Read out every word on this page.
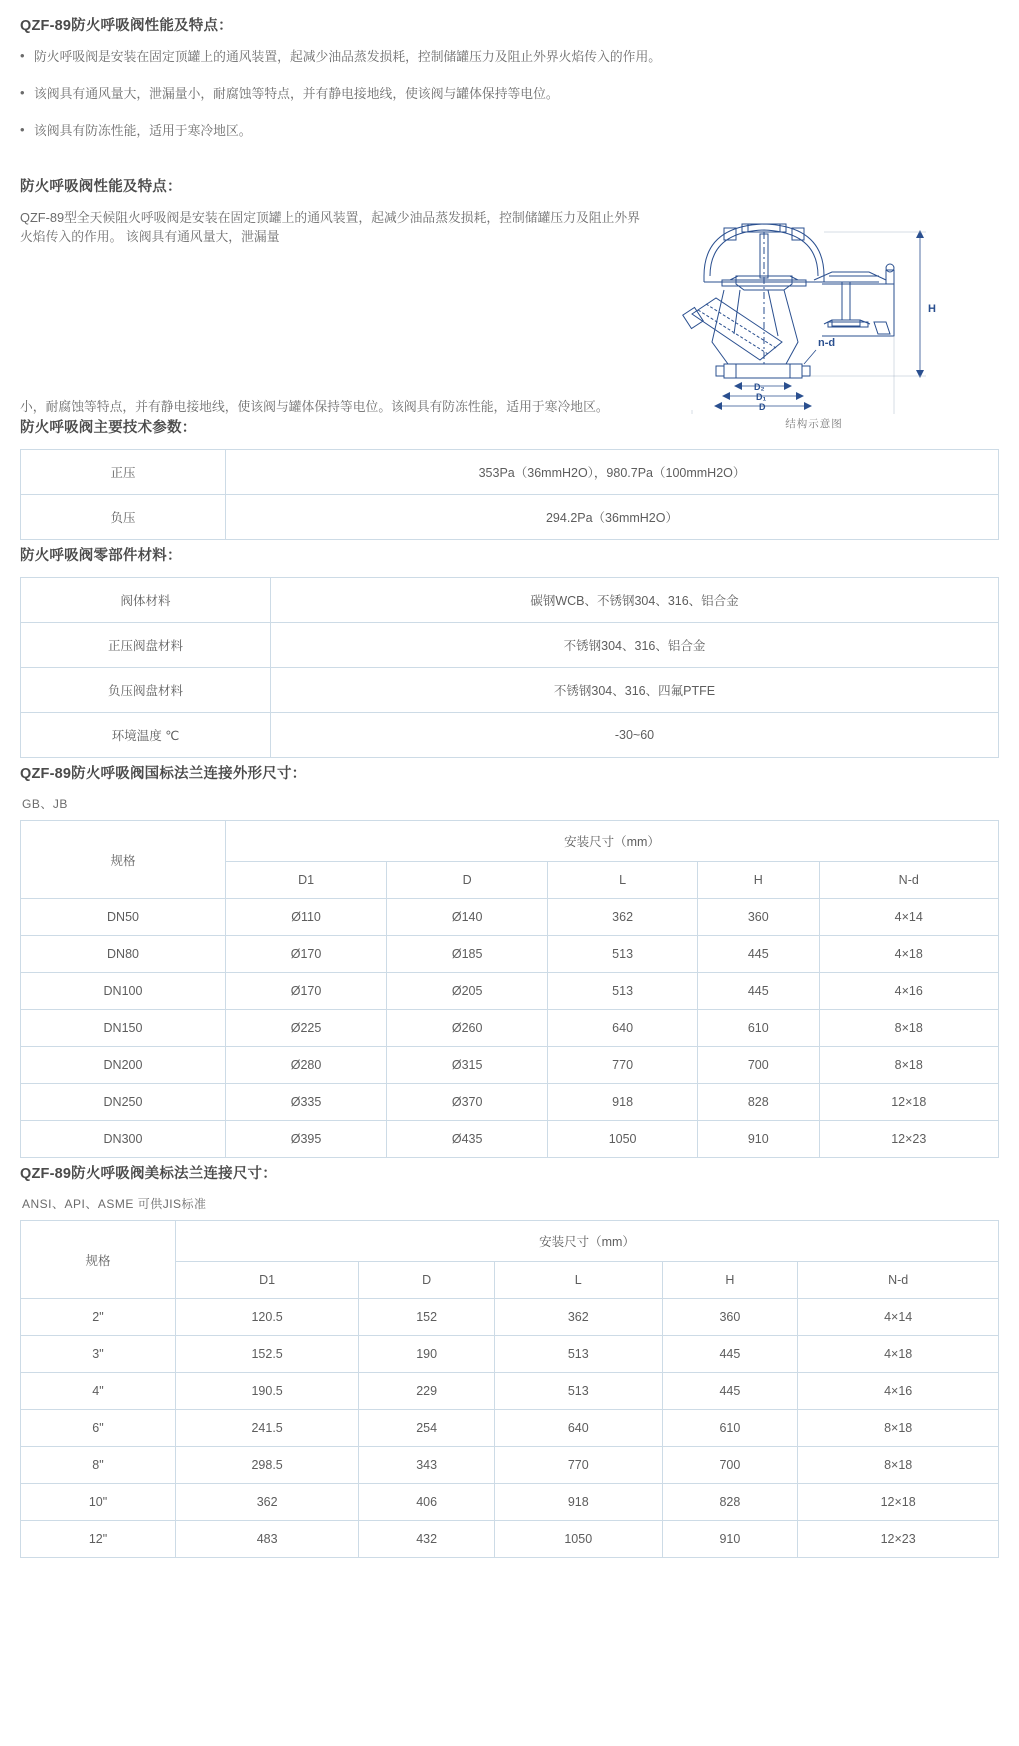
QZF-89防火呼吸阀性能及特点：
• 防火呼吸阀是安装在固定顶罐上的通风装置，起减少油品蒸发损耗，控制储罐压力及阻止外界火焰传入的作用。
• 该阀具有通风量大，泄漏量小，耐腐蚀等特点，并有静电接地线，使该阀与罐体保持等电位。
• 该阀具有防冻性能，适用于寒冷地区。
防火呼吸阀性能及特点：
H
n-d
D₂
D₁
D
结构示意图

QZF-89型全天候阻火呼吸阀是安装在固定顶罐上的通风装置，起减少油品蒸发损耗，控制储罐压力及阻止外界火焰传入的作用。 该阀具有通风量大，泄漏量

小，耐腐蚀等特点，并有静电接地线，使该阀与罐体保持等电位。该阀具有防冻性能，适用于寒冷地区。

防火呼吸阀主要技术参数：
正压	353Pa（36mmH2O），980.7Pa（100mmH2O）
负压	294.2Pa（36mmH2O）
防火呼吸阀零部件材料：
阀体材料	碳钢WCB、不锈钢304、316、铝合金
正压阀盘材料	不锈钢304、316、铝合金
负压阀盘材料	不锈钢304、316、四氟PTFE
环境温度 ℃	-30~60
QZF-89防火呼吸阀国标法兰连接外形尺寸：
GB、JB
规格	安装尺寸（mm）				
	D1	D	L	H	N-d
DN50	Ø110	Ø140	362	360	4×14
DN80	Ø170	Ø185	513	445	4×18
DN100	Ø170	Ø205	513	445	4×16
DN150	Ø225	Ø260	640	610	8×18
DN200	Ø280	Ø315	770	700	8×18
DN250	Ø335	Ø370	918	828	12×18
DN300	Ø395	Ø435	1050	910	12×23
QZF-89防火呼吸阀美标法兰连接尺寸：
ANSI、API、ASME 可供JIS标准
规格	安装尺寸（mm）				
	D1	D	L	H	N-d
2"	120.5	152	362	360	4×14
3"	152.5	190	513	445	4×18
4"	190.5	229	513	445	4×16
6"	241.5	254	640	610	8×18
8"	298.5	343	770	700	8×18
10"	362	406	918	828	12×18
12"	483	432	1050	910	12×23
